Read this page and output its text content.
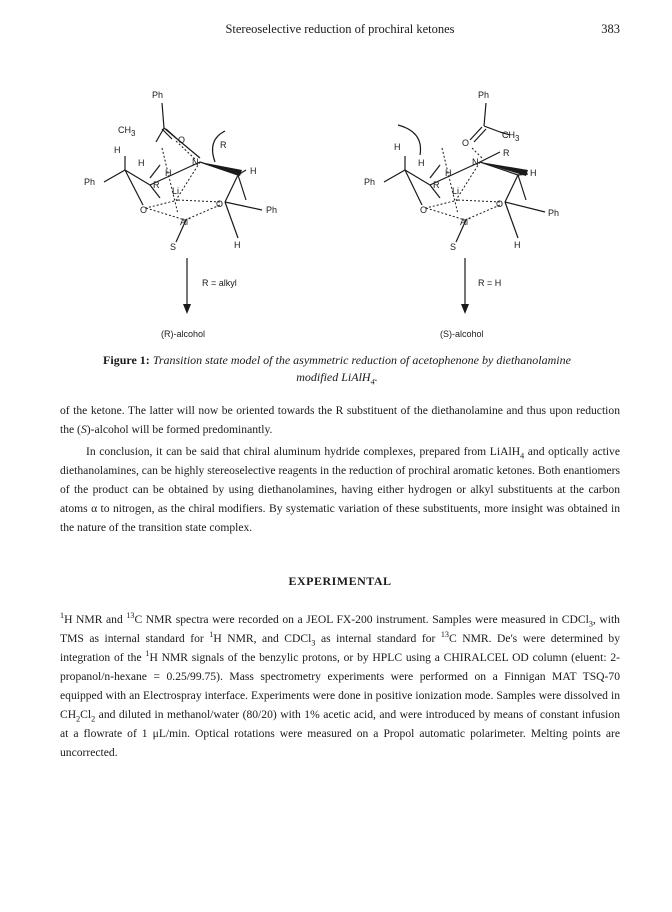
Stereoselective reduction of prochiral ketones	383
Ph
CH3
O
H	R
N
H
H
H
Ph	R
Li
O
O
Al-
Ph
S	H
R = alkyl
(R)-alcohol
Ph
CH3
O
H
R
N
H
H
H
Ph	R
Li
O
O
Al-
Ph
S	H
R = H
(S)-alcohol
Figure 1: Transition state model of the asymmetric reduction of acetophenone by diethanolamine modified LiAlH$_4$.
of the ketone. The latter will now be oriented towards the R substituent of the diethanolamine and thus upon reduction the (S)-alcohol will be formed predominantly.
In conclusion, it can be said that chiral aluminum hydride complexes, prepared from LiAlH$_4$ and optically active diethanolamines, can be highly stereoselective reagents in the reduction of prochiral aromatic ketones. Both enantiomers of the product can be obtained by using diethanolamines, having either hydrogen or alkyl substituents at the carbon atoms α to nitrogen, as the chiral modifiers. By systematic variation of these substituents, more insight was obtained in the nature of the transition state complex.
EXPERIMENTAL
$^1$H NMR and $^{13}$C NMR spectra were recorded on a JEOL FX-200 instrument. Samples were measured in CDCl$_3$, with TMS as internal standard for $^1$H NMR, and CDCl$_3$ as internal standard for $^{13}$C NMR. De's were determined by integration of the $^1$H NMR signals of the benzylic protons, or by HPLC using a CHIRALCEL OD column (eluent: 2-propanol/n-hexane = 0.25/99.75). Mass spectrometry experiments were performed on a Finnigan MAT TSQ-70 equipped with an Electrospray interface. Experiments were done in positive ionization mode. Samples were dissolved in $CH_2Cl_2$ and diluted in methanol/water (80/20) with 1% acetic acid, and were introduced by means of constant infusion at a flowrate of 1 μL/min. Optical rotations were measured on a Propol automatic polarimeter. Melting points are uncorrected.
